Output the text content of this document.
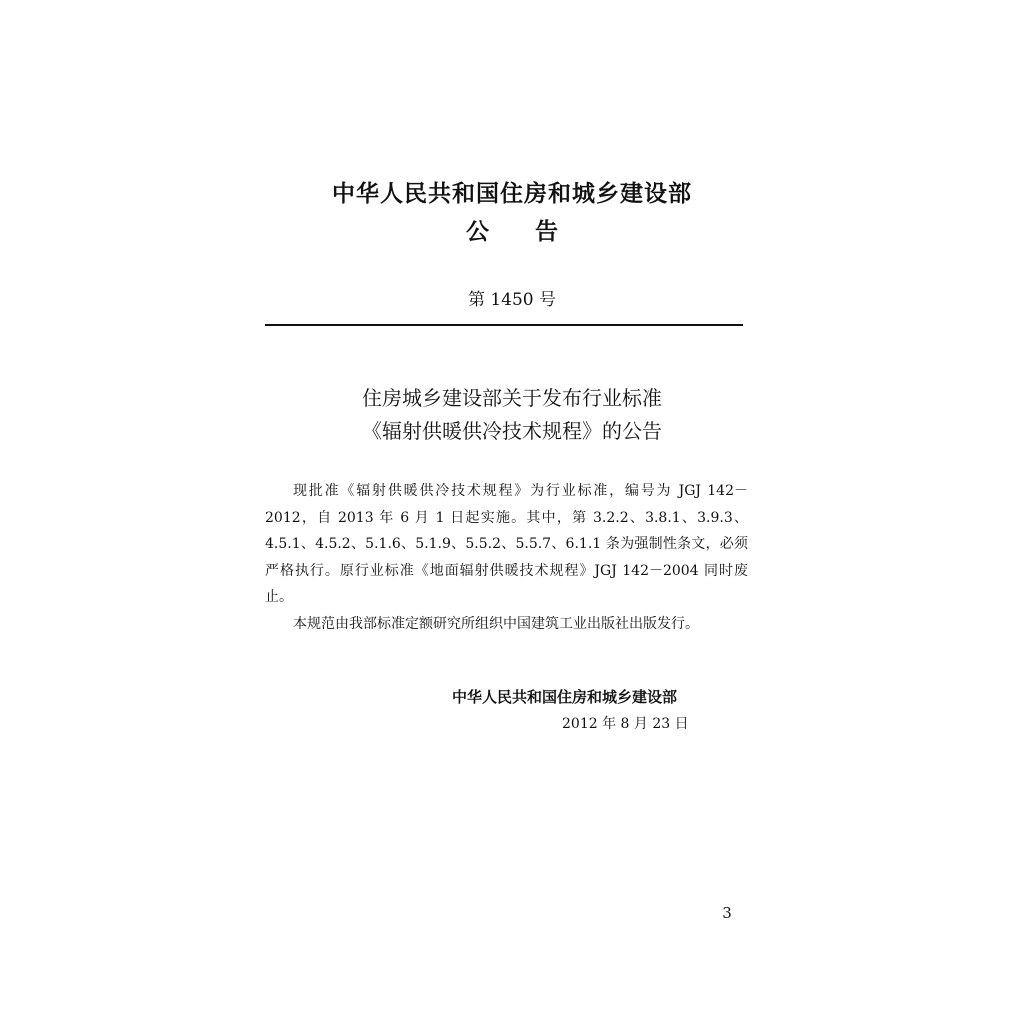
中华人民共和国住房和城乡建设部
公告
第 1450 号
住房城乡建设部关于发布行业标准
《辐射供暖供冷技术规程》的公告

现批准《辐射供暖供冷技术规程》为行业标准，编号为 JGJ 142－2012，自 2013 年 6 月 1 日起实施。其中，第 3.2.2、3.8.1、3.9.3、4.5.1、4.5.2、5.1.6、5.1.9、5.5.2、5.5.7、6.1.1 条为强制性条文，必须严格执行。原行业标准《地面辐射供暖技术规程》JGJ 142－2004 同时废止。

本规范由我部标准定额研究所组织中国建筑工业出版社出版发行。

中华人民共和国住房和城乡建设部
2012 年 8 月 23 日
3
